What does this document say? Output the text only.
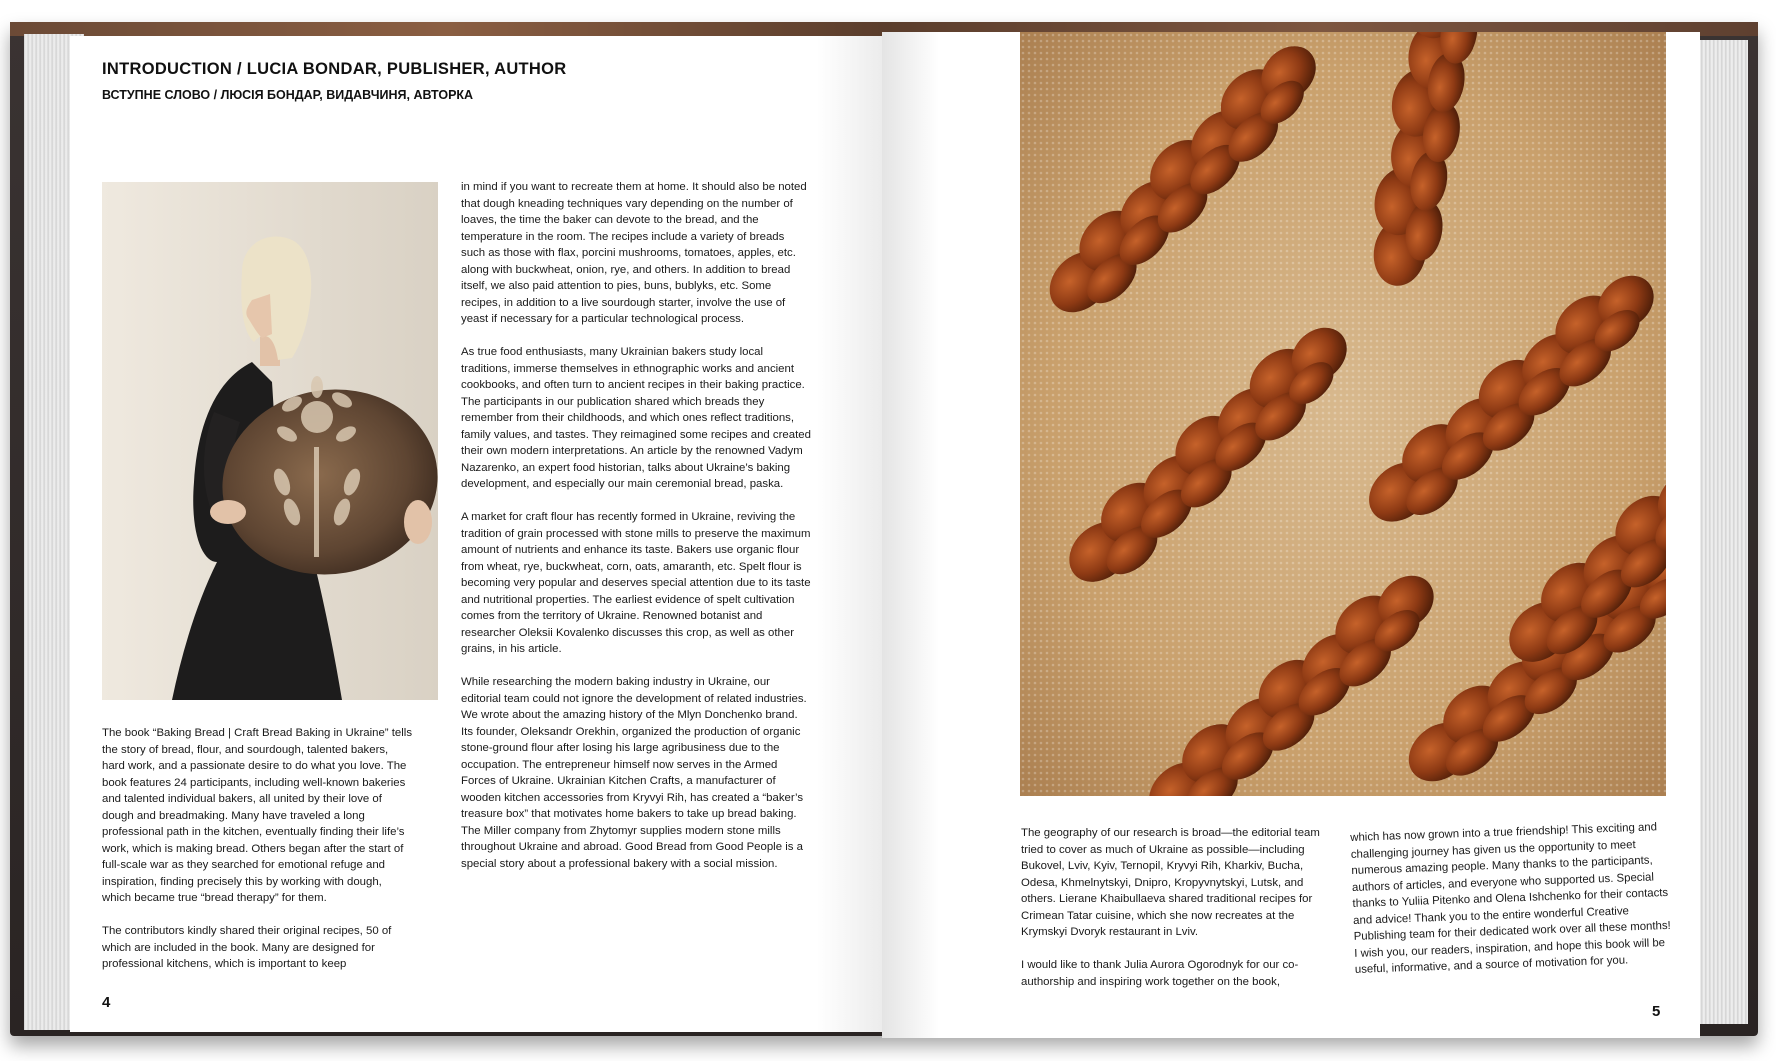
INTRODUCTION / LUCIA BONDAR, PUBLISHER, AUTHOR
ВСТУПНЕ СЛОВО / ЛЮСІЯ БОНДАР, ВИДАВЧИНЯ, АВТОРКА

The book “Baking Bread | Craft Bread Baking in Ukraine” tells the story of bread, flour, and sourdough, talented bakers, hard work, and a passionate desire to do what you love. The book features 24 participants, including well-known bakeries and talented individual bakers, all united by their love of dough and breadmaking. Many have traveled a long professional path in the kitchen, eventually finding their life’s work, which is making bread. Others began after the start of full-scale war as they searched for emotional refuge and inspiration, finding precisely this by working with dough, which became true “bread therapy” for them.

The contributors kindly shared their original recipes, 50 of which are included in the book. Many are designed for professional kitchens, which is important to keep

in mind if you want to recreate them at home. It should also be noted that dough kneading techniques vary depending on the number of loaves, the time the baker can devote to the bread, and the temperature in the room. The recipes include a variety of breads such as those with flax, porcini mushrooms, tomatoes, apples, etc. along with buckwheat, onion, rye, and others. In addition to bread itself, we also paid attention to pies, buns, bublyks, etc. Some recipes, in addition to a live sourdough starter, involve the use of yeast if necessary for a particular technological process.

As true food enthusiasts, many Ukrainian bakers study local traditions, immerse themselves in ethnographic works and ancient cookbooks, and often turn to ancient recipes in their baking practice. The participants in our publication shared which breads they remember from their childhoods, and which ones reflect traditions, family values, and tastes. They reimagined some recipes and created their own modern interpretations. An article by the renowned Vadym Nazarenko, an expert food historian, talks about Ukraine’s baking development, and especially our main ceremonial bread, paska.

A market for craft flour has recently formed in Ukraine, reviving the tradition of grain processed with stone mills to preserve the maximum amount of nutrients and enhance its taste. Bakers use organic flour from wheat, rye, buckwheat, corn, oats, amaranth, etc. Spelt flour is becoming very popular and deserves special attention due to its taste and nutritional properties. The earliest evidence of spelt cultivation comes from the territory of Ukraine. Renowned botanist and researcher Oleksii Kovalenko discusses this crop, as well as other grains, in his article.

While researching the modern baking industry in Ukraine, our editorial team could not ignore the development of related industries. We wrote about the amazing history of the Mlyn Donchenko brand. Its founder, Oleksandr Orekhin, organized the production of organic stone-ground flour after losing his large agribusiness due to the occupation. The entrepreneur himself now serves in the Armed Forces of Ukraine. Ukrainian Kitchen Crafts, a manufacturer of wooden kitchen accessories from Kryvyi Rih, has created a “baker’s treasure box” that motivates home bakers to take up bread baking. The Miller company from Zhytomyr supplies modern stone mills throughout Ukraine and abroad. Good Bread from Good People is a special story about a professional bakery with a social mission.

4

The geography of our research is broad—the editorial team tried to cover as much of Ukraine as possible—including Bukovel, Lviv, Kyiv, Ternopil, Kryvyi Rih, Kharkiv, Bucha, Odesa, Khmelnytskyi, Dnipro, Kropyvnytskyi, Lutsk, and others. Lierane Khaibullaeva shared traditional recipes for Crimean Tatar cuisine, which she now recreates at the Krymskyi Dvoryk restaurant in Lviv.

I would like to thank Julia Aurora Ogorodnyk for our co-authorship and inspiring work together on the book,

which has now grown into a true friendship! This exciting and challenging journey has given us the opportunity to meet numerous amazing people. Many thanks to the participants, authors of articles, and everyone who supported us. Special thanks to Yuliia Pitenko and Olena Ishchenko for their contacts and advice! Thank you to the entire wonderful Creative Publishing team for their dedicated work over all these months! I wish you, our readers, inspiration, and hope this book will be useful, informative, and a source of motivation for you.

5
